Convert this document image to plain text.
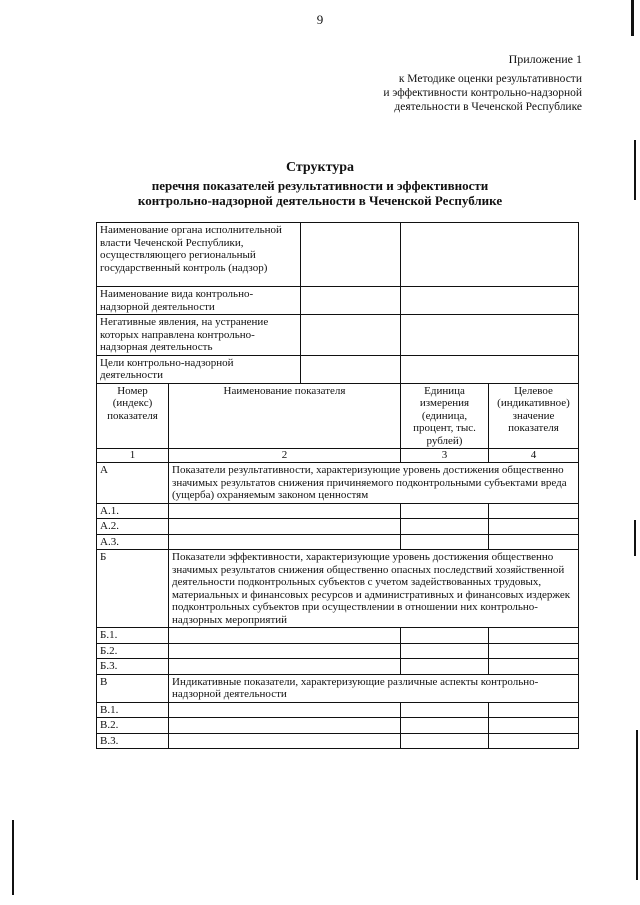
9
Приложение 1
к Методике оценки результативности
и эффективности контрольно-надзорной
деятельности в Чеченской Республике
Структура
перечня показателей результативности и эффективности
контрольно-надзорной деятельности в Чеченской Республике
Наименование органа исполнительной власти Чеченской Республики, осуществляющего региональный государственный контроль (надзор)				
Наименование вида контрольно-надзорной деятельности				
Негативные явления, на устранение которых направлена контрольно-надзорная деятельность				
Цели контрольно-надзорной деятельности				
Номер (индекс) показателя	Наименование показателя		Единица измерения (единица, процент, тыс. рублей)	Целевое (индикативное) значение показателя
1	2		3	4
А	Показатели результативности, характеризующие уровень достижения общественно значимых результатов снижения причиняемого подконтрольными субъектами вреда (ущерба) охраняемым законом ценностям			
А.1.				
А.2.				
А.3.				
Б	Показатели эффективности, характеризующие уровень достижения общественно значимых результатов снижения общественно опасных последствий хозяйственной деятельности подконтрольных субъектов с учетом задействованных трудовых, материальных и финансовых ресурсов и административных и финансовых издержек подконтрольных субъектов при осуществлении в отношении них контрольно-надзорных мероприятий			
Б.1.				
Б.2.				
Б.3.				
В	Индикативные показатели, характеризующие различные аспекты контрольно-надзорной деятельности			
В.1.				
В.2.				
В.3.				
